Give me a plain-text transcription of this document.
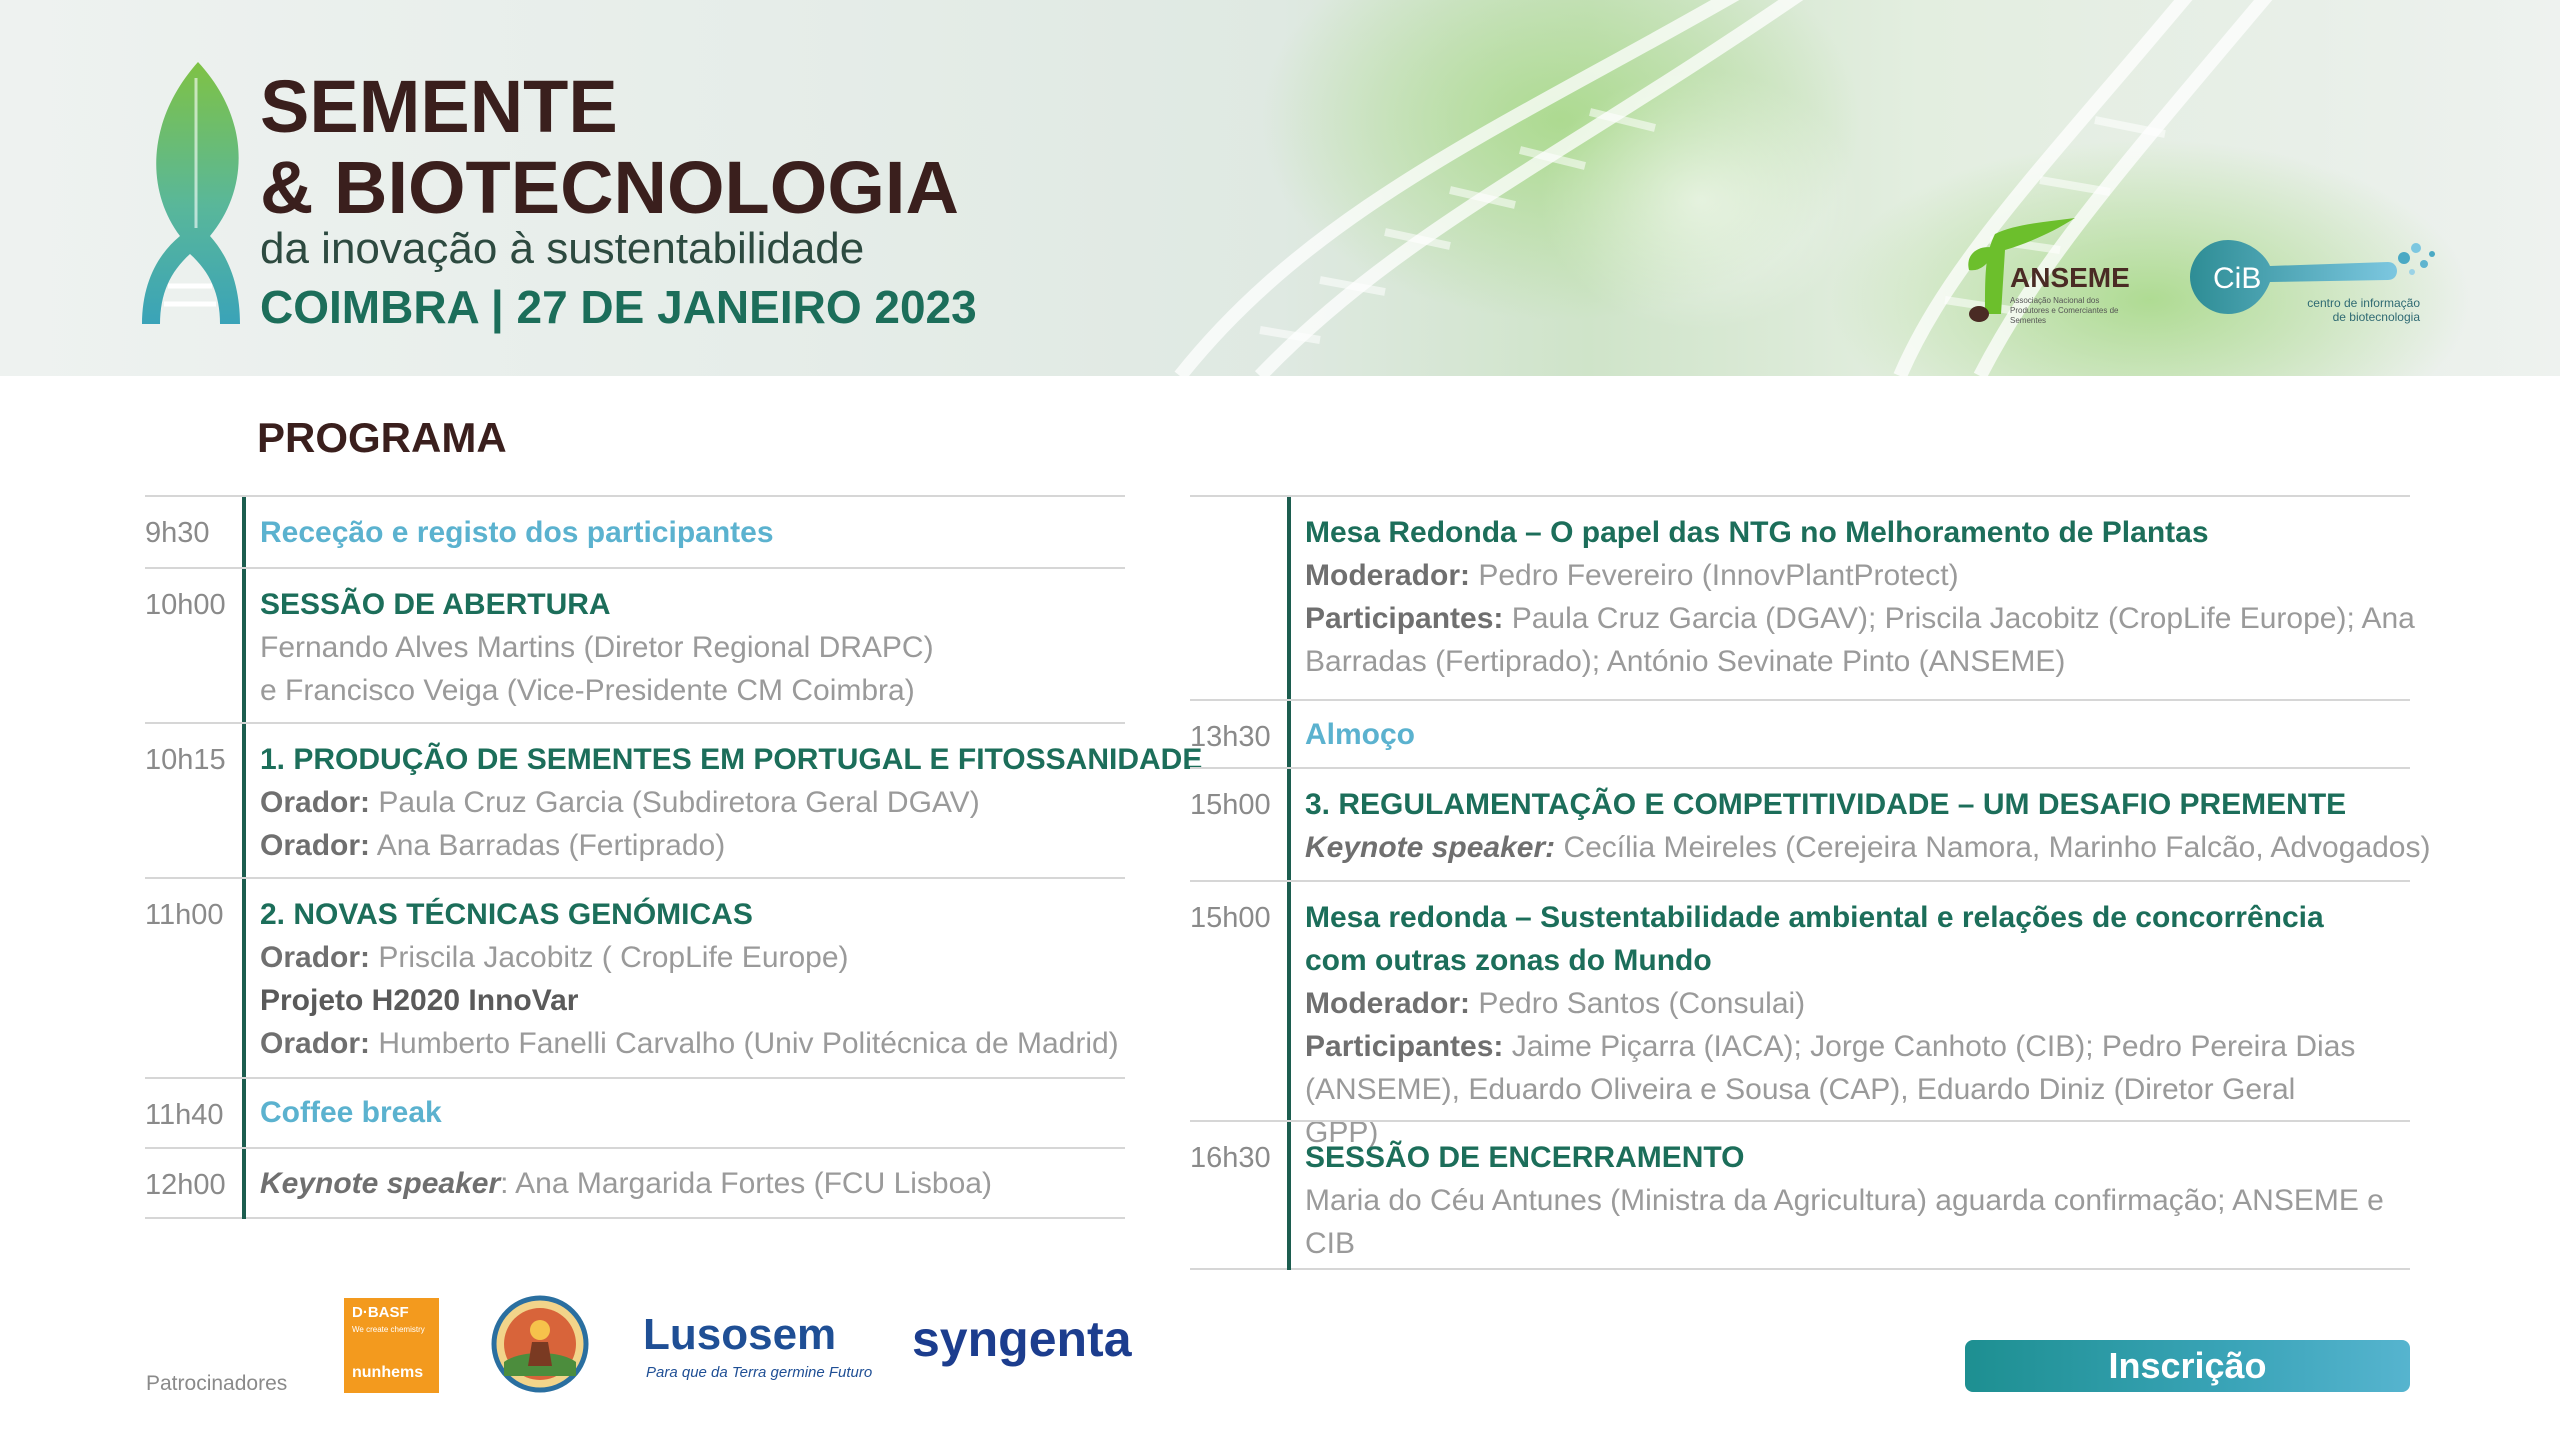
SEMENTE
& BIOTECNOLOGIA
da inovação à sustentabilidade
COIMBRA | 27 DE JANEIRO 2023
ANSEME
Associação Nacional dos Produtores e Comerciantes de Sementes
CiB
centro de informação de biotecnologia
PROGRAMA
9h30 Receção e registo dos participantes
10h00 SESSÃO DE ABERTURA
Fernando Alves Martins (Diretor Regional DRAPC)
e Francisco Veiga (Vice-Presidente CM Coimbra)
10h15 1. PRODUÇÃO DE SEMENTES EM PORTUGAL E FITOSSANIDADE
Orador: Paula Cruz Garcia (Subdiretora Geral DGAV)
Orador: Ana Barradas (Fertiprado)
11h00 2. NOVAS TÉCNICAS GENÓMICAS
Orador: Priscila Jacobitz ( CropLife Europe)
Projeto H2020 InnoVar
Orador: Humberto Fanelli Carvalho (Univ Politécnica de Madrid)
11h40 Coffee break
12h00 Keynote speaker: Ana Margarida Fortes (FCU Lisboa)
Mesa Redonda – O papel das NTG no Melhoramento de Plantas
Moderador: Pedro Fevereiro (InnovPlantProtect)
Participantes: Paula Cruz Garcia (DGAV); Priscila Jacobitz (CropLife Europe); Ana Barradas (Fertiprado); António Sevinate Pinto (ANSEME)
13h30 Almoço
15h00 3. REGULAMENTAÇÃO E COMPETITIVIDADE – UM DESAFIO PREMENTE
Keynote speaker: Cecília Meireles (Cerejeira Namora, Marinho Falcão, Advogados)
15h00 Mesa redonda – Sustentabilidade ambiental e relações de concorrência
com outras zonas do Mundo
Moderador: Pedro Santos (Consulai)
Participantes: Jaime Piçarra (IACA); Jorge Canhoto (CIB); Pedro Pereira Dias (ANSEME), Eduardo Oliveira e Sousa (CAP), Eduardo Diniz (Diretor Geral GPP)
16h30 SESSÃO DE ENCERRAMENTO
Maria do Céu Antunes (Ministra da Agricultura) aguarda confirmação; ANSEME e CIB
Patrocinadores
D·BASF
We create chemistry
nunhems
Lusosem
Para que da Terra germine Futuro
syngenta	Inscrição
